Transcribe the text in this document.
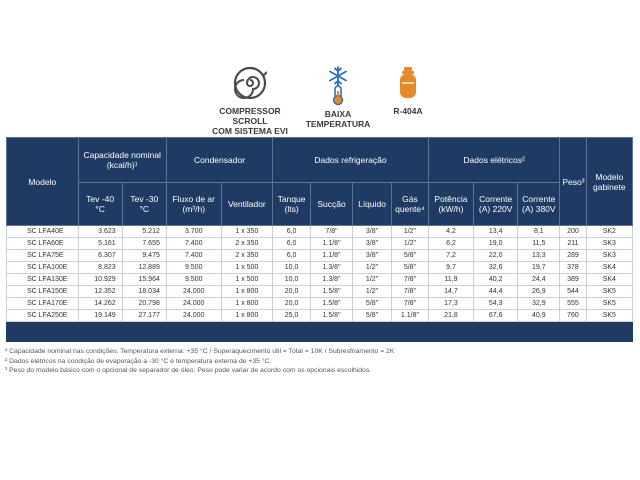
COMPRESSOR SCROLL
COM SISTEMA EVI
BAIXA
TEMPERATURA
R-404A
Modelo	Capacidade nominal (kcal/h)¹		Condensador		Dados refrigeração				Dados elétricos²			Peso³	Modelo gabinete
	Tev -40 °C	Tev -30 °C	Fluxo de ar (m³/h)	Ventilador	Tanque (lts)	Sucção	Líquido	Gás quente⁴	Potência (kW/h)	Corrente (A) 220V	Corrente (A) 380V		
SC LFA40E	3.623	5.212	3.700	1 x 350	6,0	7/8"	3/8"	1/2"	4,2	13,4	8,1	200	SK2
SC LFA60E	5.161	7.655	7.400	2 x 350	6,0	1.1/8"	3/8"	1/2"	6,2	19,0	11,5	211	SK3
SC LFA75E	6.307	9.475	7.400	2 x 350	6,0	1.1/8"	3/8"	5/8"	7,2	22,0	13,3	289	SK3
SC LFA100E	8.823	12.889	9.500	1 x 500	10,0	1.3/8"	1/2"	5/8"	9,7	32,6	19,7	378	SK4
SC LFA130E	10.929	15.964	9.500	1 x 500	10,0	1.3/8"	1/2"	7/8"	11,9	40,2	24,4	389	SK4
SC LFA150E	12.352	18.034	24.000	1 x 800	20,0	1.5/8"	1/2"	7/8"	14,7	44,4	26,9	544	SK5
SC LFA170E	14.262	20.798	24.000	1 x 800	20,0	1.5/8"	5/8"	7/8"	17,3	54,3	32,9	555	SK5
SC LFA250E	19.149	27.177	24.000	1 x 800	25,0	1.5/8"	5/8"	1.1/8"	21,8	67,6	40,9	760	SK5

¹ Capacidade nominal nas condições: Temperatura externa: +35 °C / Superaquecimento útil = Total = 10K / Subresfriamento = 2K

² Dados elétricos na condição de evaporação a -30 °C e temperatura externa de +35 °C.

³ Peso do modelo básico com o opcional de separador de óleo. Peso pode variar de acordo com os opcionais escolhidos.
